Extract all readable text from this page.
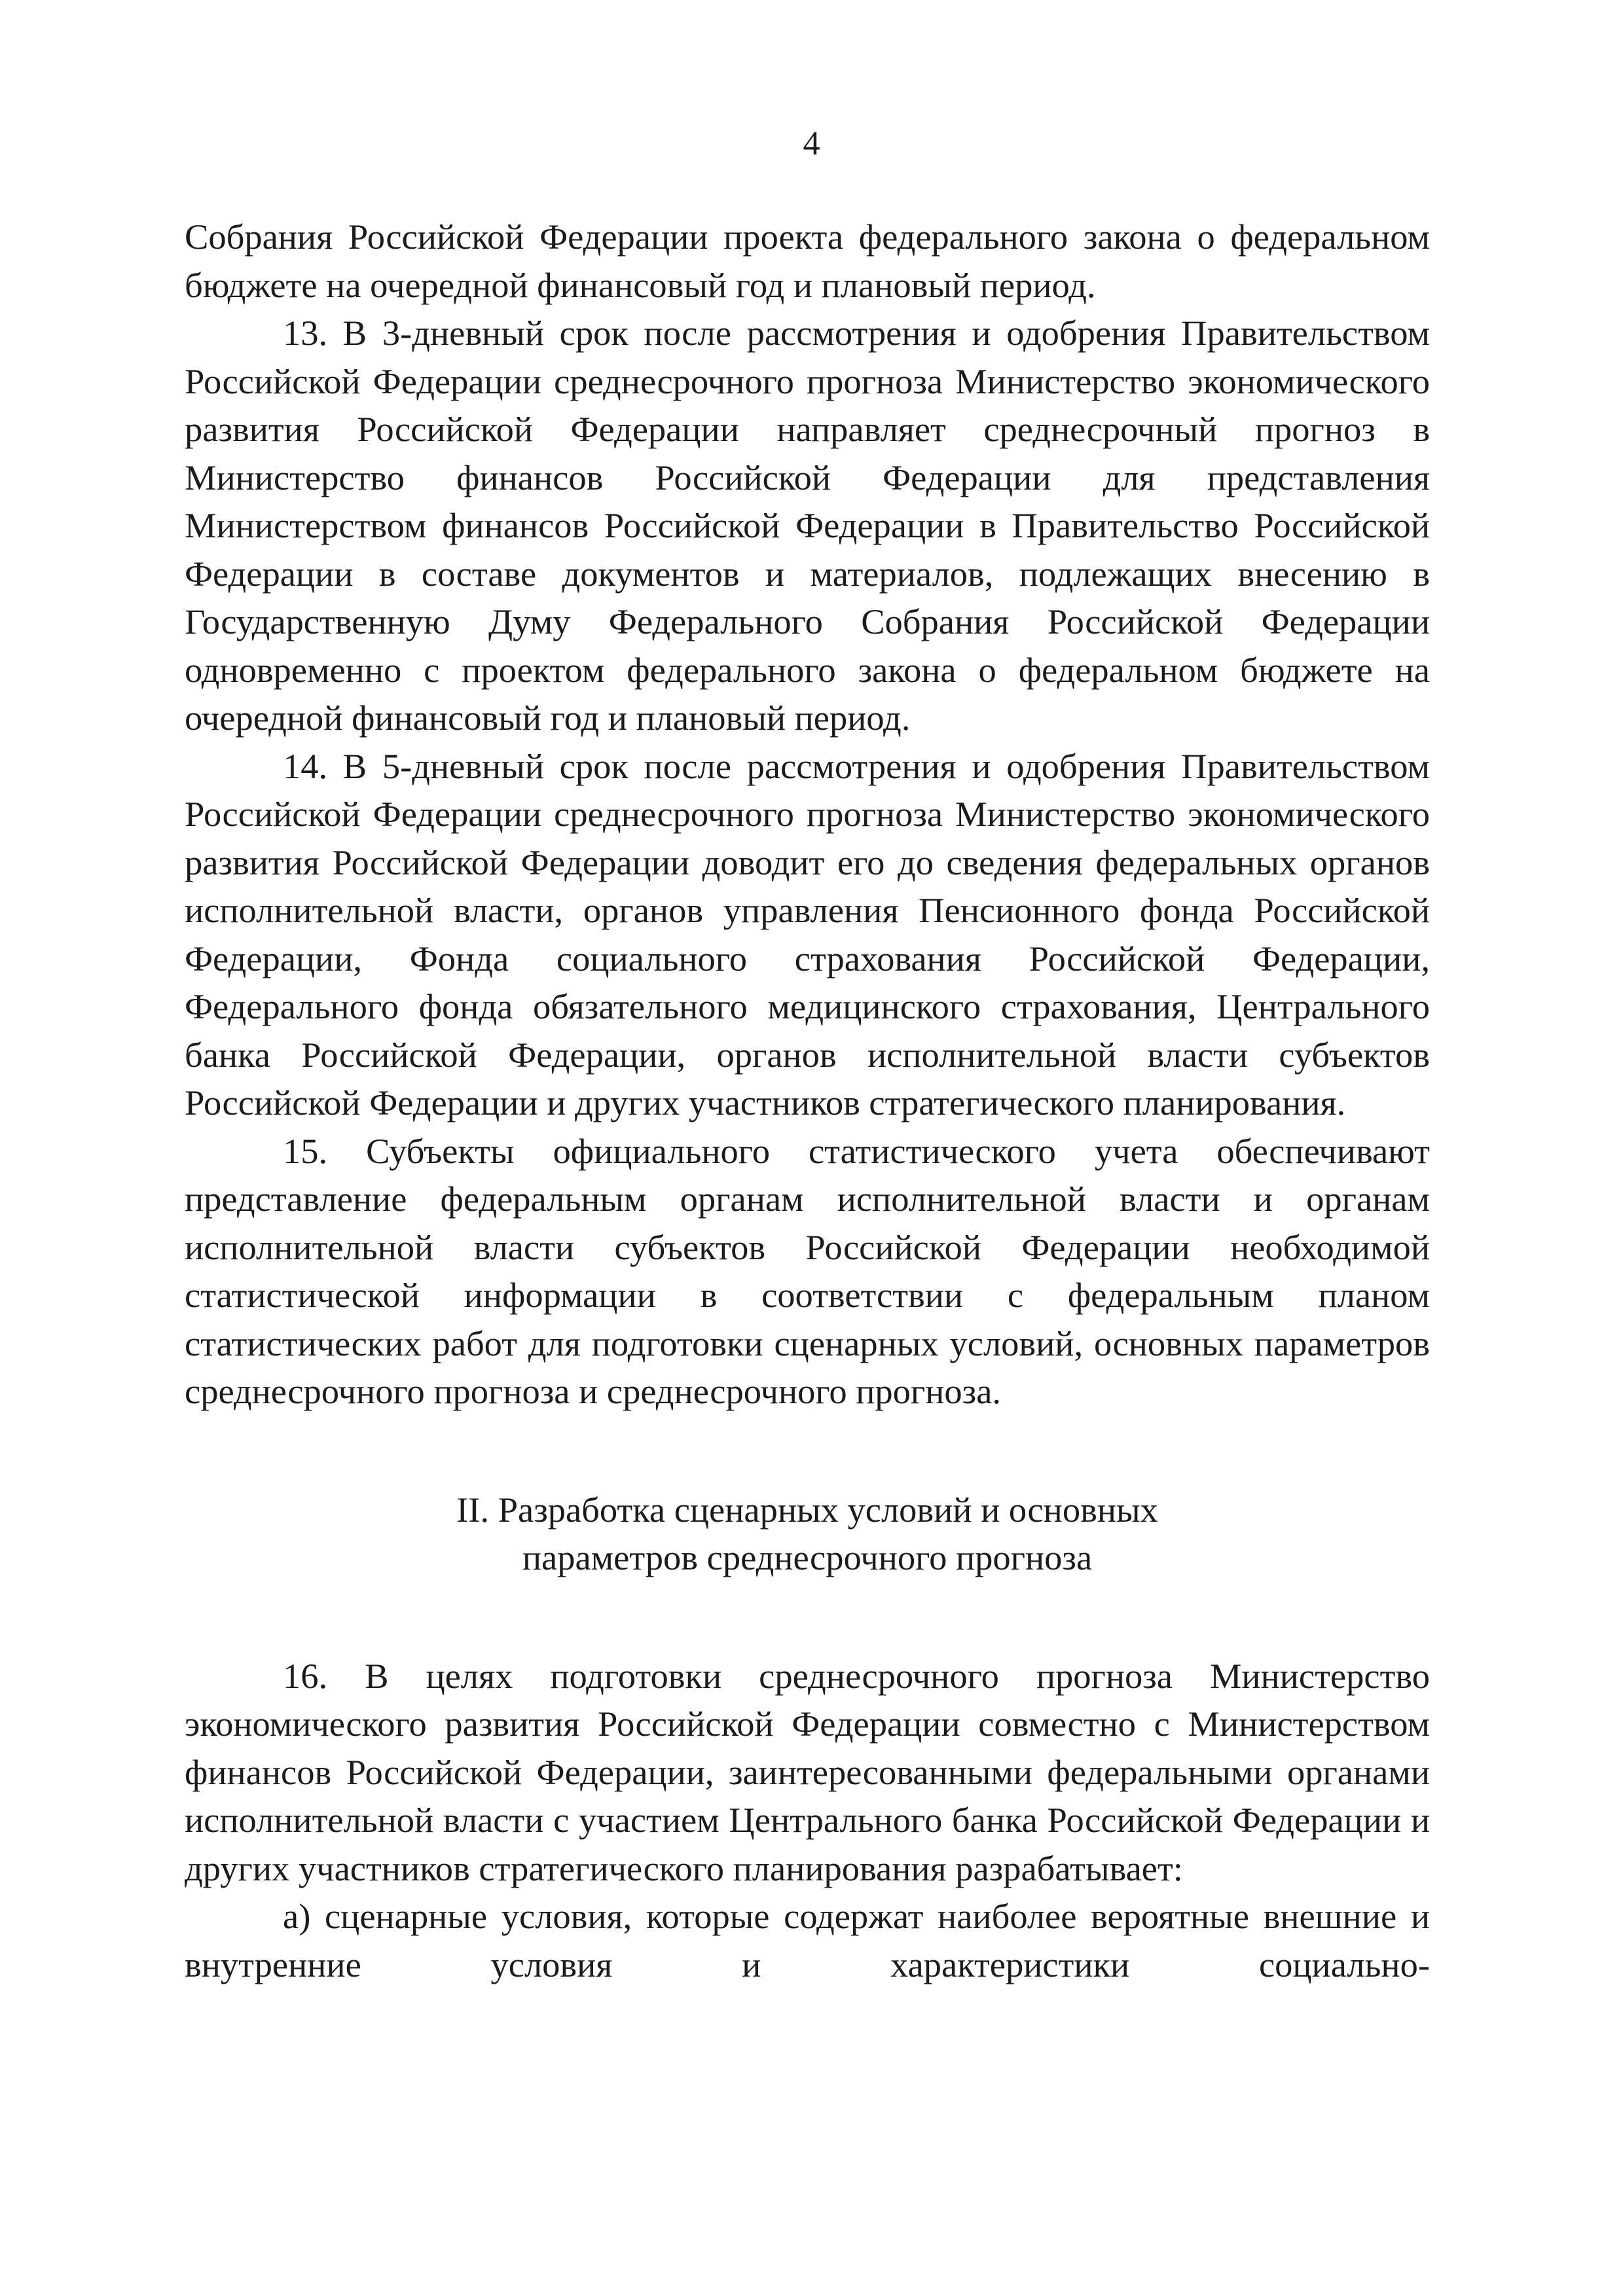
4

Собрания Российской Федерации проекта федерального закона о федеральном бюджете на очередной финансовый год и плановый период.

13. В 3-дневный срок после рассмотрения и одобрения Правительством Российской Федерации среднесрочного прогноза Министерство экономического развития Российской Федерации направляет среднесрочный прогноз в Министерство финансов Российской Федерации для представления Министерством финансов Российской Федерации в Правительство Российской Федерации в составе документов и материалов, подлежащих внесению в Государственную Думу Федерального Собрания Российской Федерации одновременно с проектом федерального закона о федеральном бюджете на очередной финансовый год и плановый период.

14. В 5-дневный срок после рассмотрения и одобрения Правительством Российской Федерации среднесрочного прогноза Министерство экономического развития Российской Федерации доводит его до сведения федеральных органов исполнительной власти, органов управления Пенсионного фонда Российской Федерации, Фонда социального страхования Российской Федерации, Федерального фонда обязательного медицинского страхования, Центрального банка Российской Федерации, органов исполнительной власти субъектов Российской Федерации и других участников стратегического планирования.

15. Субъекты официального статистического учета обеспечивают представление федеральным органам исполнительной власти и органам исполнительной власти субъектов Российской Федерации необходимой статистической информации в соответствии с федеральным планом статистических работ для подготовки сценарных условий, основных параметров среднесрочного прогноза и среднесрочного прогноза.

II. Разработка сценарных условий и основных
параметров среднесрочного прогноза

16. В целях подготовки среднесрочного прогноза Министерство экономического развития Российской Федерации совместно с Министерством финансов Российской Федерации, заинтересованными федеральными органами исполнительной власти с участием Центрального банка Российской Федерации и других участников стратегического планирования разрабатывает:

а) сценарные условия, которые содержат наиболее вероятные внешние и внутренние условия и характеристики социально-
